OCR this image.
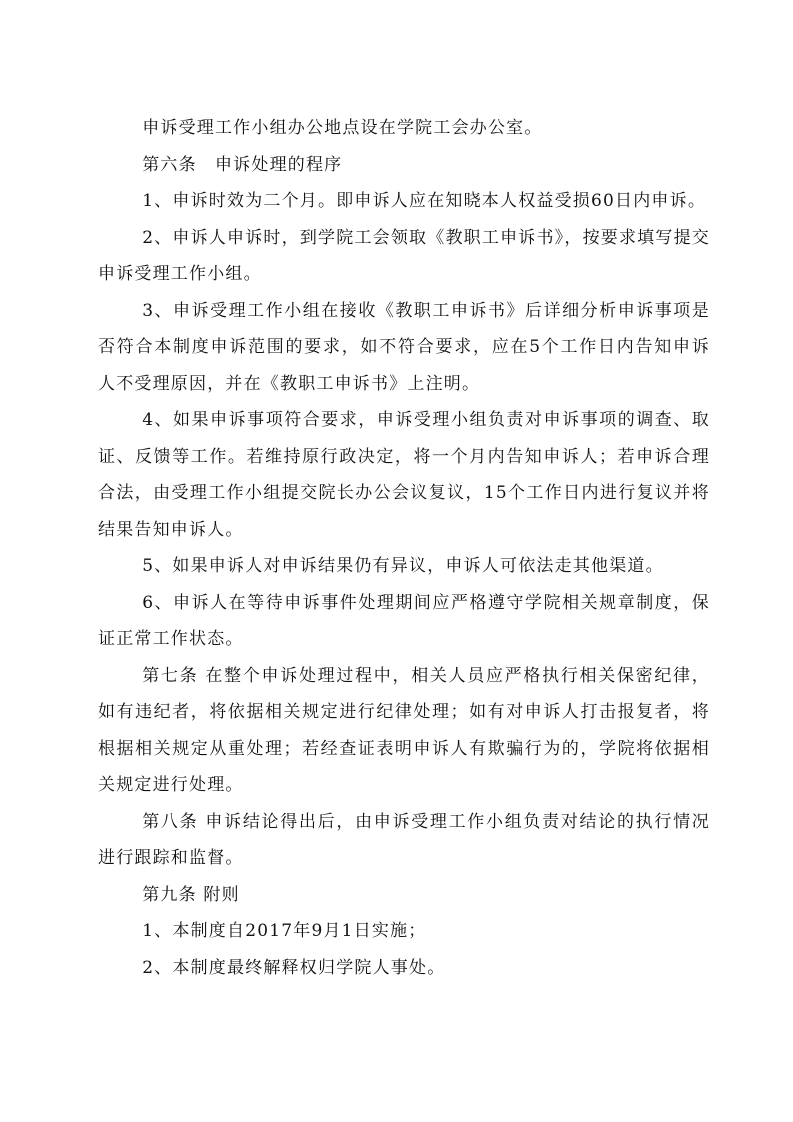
申诉受理工作小组办公地点设在学院工会办公室。

第六条　申诉处理的程序

1、申诉时效为二个月。即申诉人应在知晓本人权益受损60日内申诉。

2、申诉人申诉时，到学院工会领取《教职工申诉书》，按要求填写提交申诉受理工作小组。

3、申诉受理工作小组在接收《教职工申诉书》后详细分析申诉事项是否符合本制度申诉范围的要求，如不符合要求，应在5个工作日内告知申诉人不受理原因，并在《教职工申诉书》上注明。

4、如果申诉事项符合要求，申诉受理小组负责对申诉事项的调查、取证、反馈等工作。若维持原行政决定，将一个月内告知申诉人；若申诉合理合法，由受理工作小组提交院长办公会议复议，15个工作日内进行复议并将结果告知申诉人。

5、如果申诉人对申诉结果仍有异议，申诉人可依法走其他渠道。

6、申诉人在等待申诉事件处理期间应严格遵守学院相关规章制度，保证正常工作状态。

第七条 在整个申诉处理过程中，相关人员应严格执行相关保密纪律，如有违纪者，将依据相关规定进行纪律处理；如有对申诉人打击报复者，将根据相关规定从重处理；若经查证表明申诉人有欺骗行为的，学院将依据相关规定进行处理。

第八条 申诉结论得出后，由申诉受理工作小组负责对结论的执行情况进行跟踪和监督。

第九条 附则

1、本制度自2017年9月1日实施；

2、本制度最终解释权归学院人事处。
